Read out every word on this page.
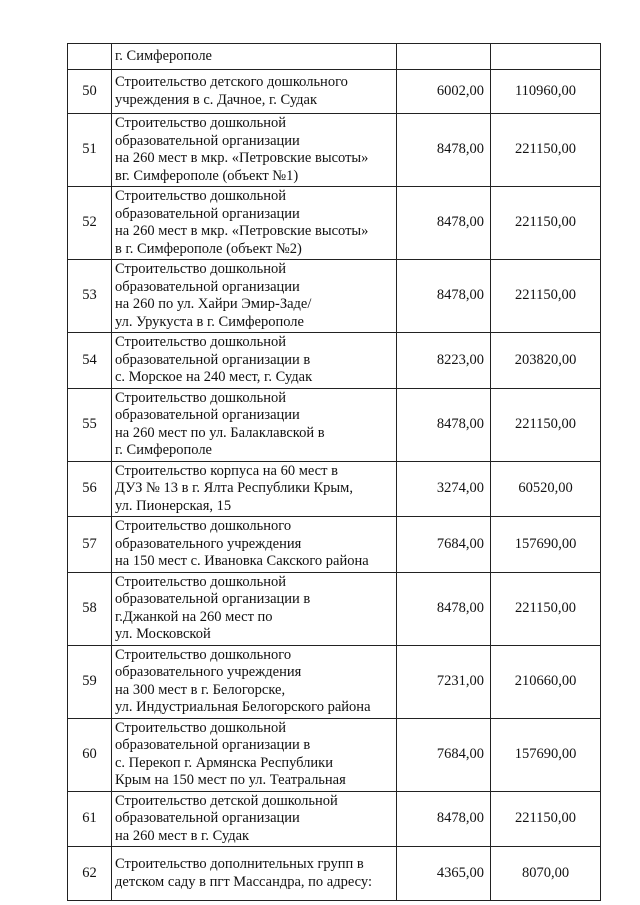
	г. Симферополе		
50	Строительство детского дошкольного
учреждения в с. Дачное, г. Судак	6002,00	110960,00
51	Строительство дошкольной
образовательной организации
на 260 мест в мкр. «Петровские высоты»
вг. Симферополе (объект №1)	8478,00	221150,00
52	Строительство дошкольной
образовательной организации
на 260 мест в мкр. «Петровские высоты»
в г. Симферополе (объект №2)	8478,00	221150,00
53	Строительство дошкольной
образовательной организации
на 260 по ул. Хайри Эмир-Заде/
ул. Урукуста в г. Симферополе	8478,00	221150,00
54	Строительство дошкольной
образовательной организации в
с. Морское на 240 мест, г. Судак	8223,00	203820,00
55	Строительство дошкольной
образовательной организации
на 260 мест по ул. Балаклавской в
г. Симферополе	8478,00	221150,00
56	Строительство корпуса на 60 мест в
ДУЗ № 13 в г. Ялта Республики Крым,
ул. Пионерская, 15	3274,00	60520,00
57	Строительство дошкольного
образовательного учреждения
на 150 мест с. Ивановка Сакского района	7684,00	157690,00
58	Строительство дошкольной
образовательной организации в
г.Джанкой на 260 мест по
ул. Московской	8478,00	221150,00
59	Строительство дошкольного
образовательного учреждения
на 300 мест в г. Белогорске,
ул. Индустриальная Белогорского района	7231,00	210660,00
60	Строительство дошкольной
образовательной организации в
с. Перекоп г. Армянска Республики
Крым на 150 мест по ул. Театральная	7684,00	157690,00
61	Строительство детской дошкольной
образовательной организации
на 260 мест в г. Судак	8478,00	221150,00
62	Строительство дополнительных групп в
детском саду в пгт Массандра, по адресу:	4365,00	8070,00
